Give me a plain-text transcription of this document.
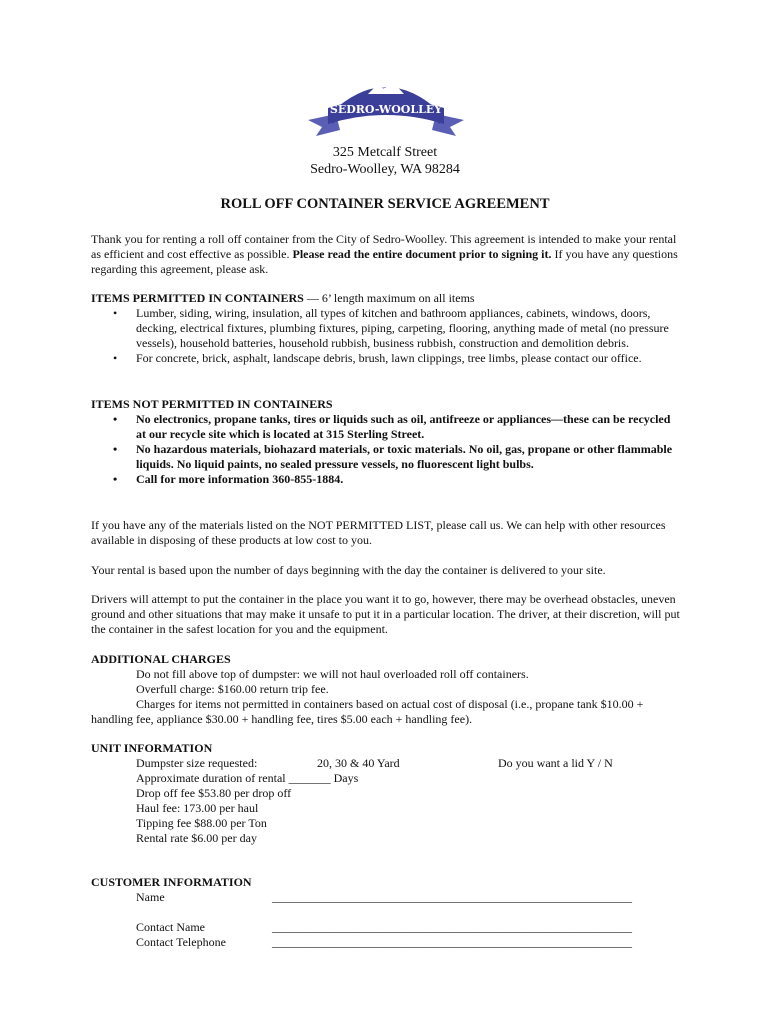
CITY OF
SEDRO-WOOLLEY
GATEWAY TO THE NORTH CASCADES
325 Metcalf Street
Sedro-Woolley, WA 98284
ROLL OFF CONTAINER SERVICE AGREEMENT
Thank you for renting a roll off container from the City of Sedro-Woolley. This agreement is intended to make your rental as efficient and cost effective as possible. Please read the entire document prior to signing it. If you have any questions regarding this agreement, please ask.

ITEMS PERMITTED IN CONTAINERS — 6’ length maximum on all items

• Lumber, siding, wiring, insulation, all types of kitchen and bathroom appliances, cabinets, windows, doors, decking, electrical fixtures, plumbing fixtures, piping, carpeting, flooring, anything made of metal (no pressure vessels), household batteries, household rubbish, business rubbish, construction and demolition debris.
• For concrete, brick, asphalt, landscape debris, brush, lawn clippings, tree limbs, please contact our office.

ITEMS NOT PERMITTED IN CONTAINERS

• No electronics, propane tanks, tires or liquids such as oil, antifreeze or appliances—these can be recycled at our recycle site which is located at 315 Sterling Street.
• No hazardous materials, biohazard materials, or toxic materials. No oil, gas, propane or other flammable liquids. No liquid paints, no sealed pressure vessels, no fluorescent light bulbs.
• Call for more information 360-855-1884.

If you have any of the materials listed on the NOT PERMITTED LIST, please call us. We can help with other resources available in disposing of these products at low cost to you.

Your rental is based upon the number of days beginning with the day the container is delivered to your site.

Drivers will attempt to put the container in the place you want it to go, however, there may be overhead obstacles, uneven ground and other situations that may make it unsafe to put it in a particular location. The driver, at their discretion, will put the container in the safest location for you and the equipment.

ADDITIONAL CHARGES

Do not fill above top of dumpster: we will not haul overloaded roll off containers.

Overfull charge: $160.00 return trip fee.

Charges for items not permitted in containers based on actual cost of disposal (i.e., propane tank $10.00 +

handling fee, appliance $30.00 + handling fee, tires $5.00 each + handling fee).

UNIT INFORMATION

Dumpster size requested:	20, 30 & 40 Yard	Do you want a lid Y / N

Approximate duration of rental _______ Days

Drop off fee $53.80 per drop off

Haul fee: 173.00 per haul

Tipping fee $88.00 per Ton

Rental rate $6.00 per day

CUSTOMER INFORMATION

Name	____________________________________________________________
Contact Name	____________________________________________________________
Contact Telephone	____________________________________________________________
